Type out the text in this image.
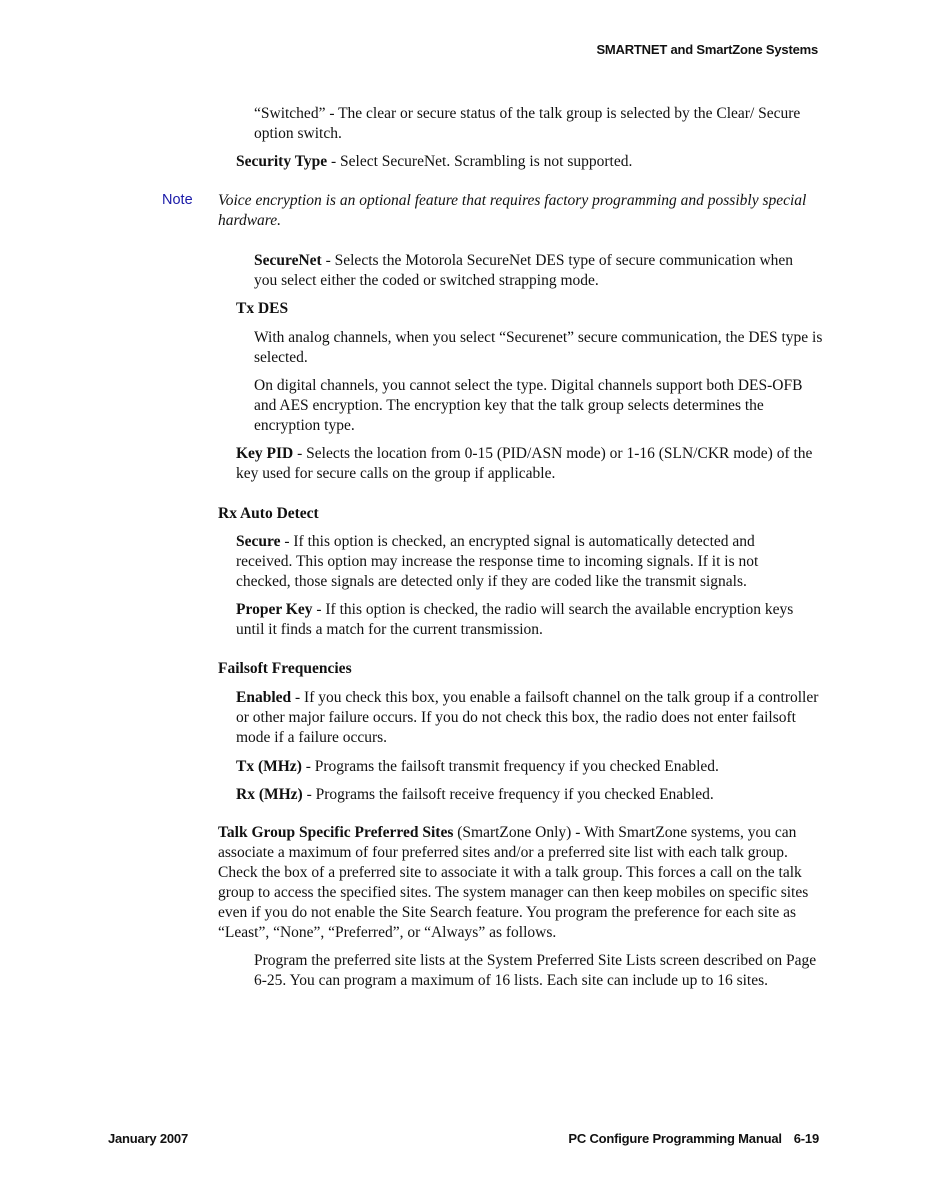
SMARTNET and SmartZone Systems

“Switched” - The clear or secure status of the talk group is selected by the Clear/ Secure option switch.

Security Type - Select SecureNet. Scrambling is not supported.

Note Voice encryption is an optional feature that requires factory programming and possibly special hardware.

SecureNet - Selects the Motorola SecureNet DES type of secure communication when you select either the coded or switched strapping mode.

Tx DES

With analog channels, when you select “Securenet” secure communication, the DES type is selected.

On digital channels, you cannot select the type. Digital channels support both DES-OFB and AES encryption. The encryption key that the talk group selects determines the encryption type.

Key PID - Selects the location from 0-15 (PID/ASN mode) or 1-16 (SLN/CKR mode) of the key used for secure calls on the group if applicable.

Rx Auto Detect

Secure - If this option is checked, an encrypted signal is automatically detected and received. This option may increase the response time to incoming signals. If it is not checked, those signals are detected only if they are coded like the transmit signals.

Proper Key - If this option is checked, the radio will search the available encryption keys until it finds a match for the current transmission.

Failsoft Frequencies

Enabled - If you check this box, you enable a failsoft channel on the talk group if a controller or other major failure occurs. If you do not check this box, the radio does not enter failsoft mode if a failure occurs.

Tx (MHz) - Programs the failsoft transmit frequency if you checked Enabled.

Rx (MHz) - Programs the failsoft receive frequency if you checked Enabled.

Talk Group Specific Preferred Sites (SmartZone Only) - With SmartZone systems, you can associate a maximum of four preferred sites and/or a preferred site list with each talk group. Check the box of a preferred site to associate it with a talk group. This forces a call on the talk group to access the specified sites. The system manager can then keep mobiles on specific sites even if you do not enable the Site Search feature. You program the preference for each site as “Least”, “None”, “Preferred”, or “Always” as follows.

Program the preferred site lists at the System Preferred Site Lists screen described on Page 6-25. You can program a maximum of 16 lists. Each site can include up to 16 sites.

January 2007	PC Configure Programming Manual 6-19
